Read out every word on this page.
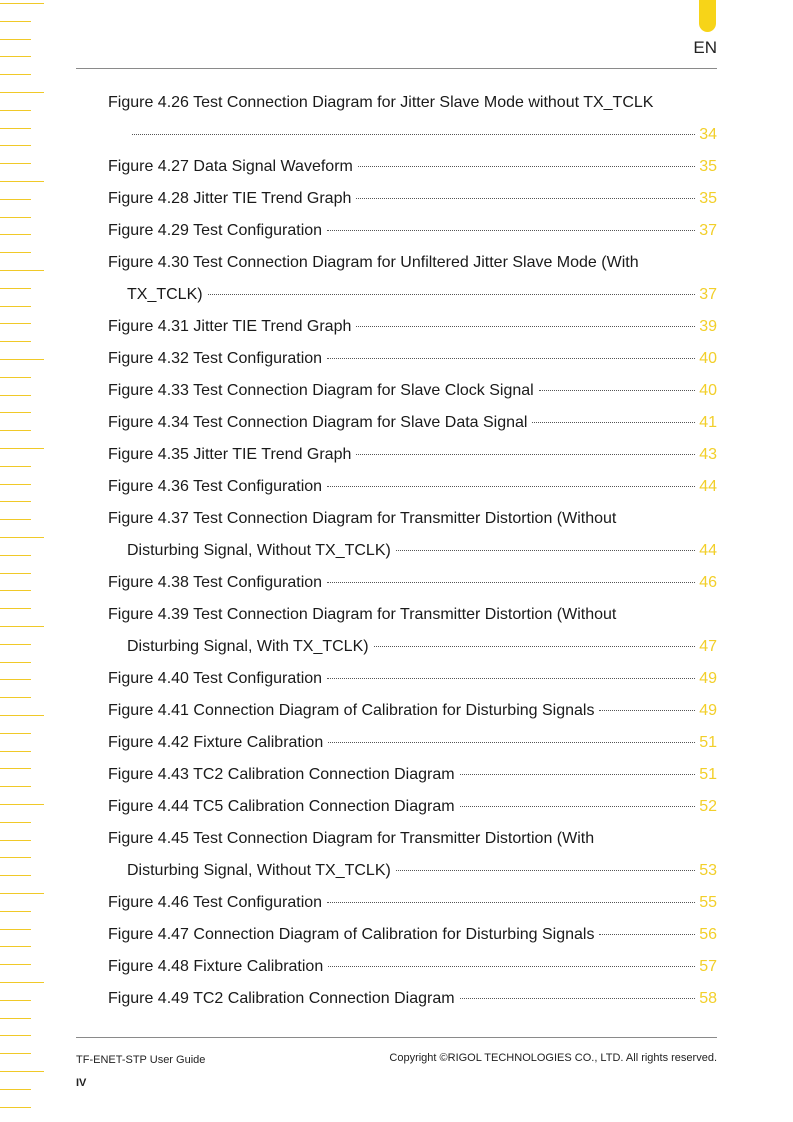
EN
Figure 4.26 Test Connection Diagram for Jitter Slave Mode without TX_TCLK
34
Figure 4.27 Data Signal Waveform	35
Figure 4.28 Jitter TIE Trend Graph	35
Figure 4.29 Test Configuration	37
Figure 4.30 Test Connection Diagram for Unfiltered Jitter Slave Mode (With
TX_TCLK)	37
Figure 4.31 Jitter TIE Trend Graph	39
Figure 4.32 Test Configuration	40
Figure 4.33 Test Connection Diagram for Slave Clock Signal	40
Figure 4.34 Test Connection Diagram for Slave Data Signal	41
Figure 4.35 Jitter TIE Trend Graph	43
Figure 4.36 Test Configuration	44
Figure 4.37 Test Connection Diagram for Transmitter Distortion (Without
Disturbing Signal, Without TX_TCLK)	44
Figure 4.38 Test Configuration	46
Figure 4.39 Test Connection Diagram for Transmitter Distortion (Without
Disturbing Signal, With TX_TCLK)	47
Figure 4.40 Test Configuration	49
Figure 4.41 Connection Diagram of Calibration for Disturbing Signals	49
Figure 4.42 Fixture Calibration	51
Figure 4.43 TC2 Calibration Connection Diagram	51
Figure 4.44 TC5 Calibration Connection Diagram	52
Figure 4.45 Test Connection Diagram for Transmitter Distortion (With
Disturbing Signal, Without TX_TCLK)	53
Figure 4.46 Test Configuration	55
Figure 4.47 Connection Diagram of Calibration for Disturbing Signals	56
Figure 4.48 Fixture Calibration	57
Figure 4.49 TC2 Calibration Connection Diagram	58
TF-ENET-STP User Guide	Copyright ©RIGOL TECHNOLOGIES CO., LTD. All rights reserved.
IV
